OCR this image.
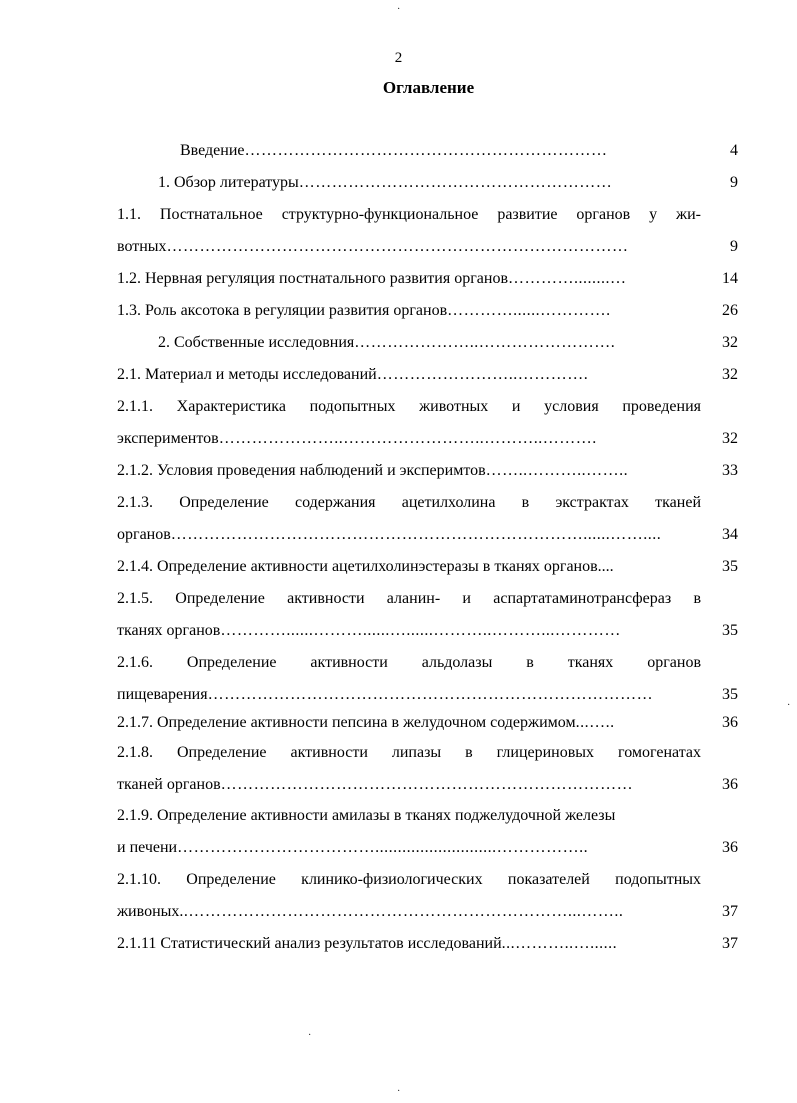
2
Оглавление
Введение…………………………………………………………	4
1. Обзор литературы…………………………………………………	9
1.1. Постнатальное структурно-функциональное развитие органов у жи-
вотных…………………………………………………………………………	9
1.2. Нервная регуляция постнатального развития органов…………........…	14
1.3. Роль аксотока в регуляции развития органов…………......………….	26
2. Собственные исследовния…………………..…………………….	32
2.1. Материал и методы исследований……………………..………….	32
2.1.1. Характеристика подопытных животных и условия проведения
экспериментов…………………..……………………..………..……….	32
2.1.2. Условия проведения наблюдений и эксперимтов……..………..……..	33
2.1.3. Определение содержания ацетилхолина в экстрактах тканей
органов…………………………………………………………………......……....	34
2.1.4. Определение активности ацетилхолинэстеразы в тканях органов....	35
2.1.5. Определение активности аланин- и аспартатаминотрансфераз в
тканях органов…………......………......…......………..………...…………	35
2.1.6. Определение активности альдолазы в тканях органов
пищеварения………………………………………………………………………	35
2.1.7. Определение активности пепсина в желудочном содержимом...…..	36
2.1.8. Определение активности липазы в глицериновых гомогенатах
тканей органов…………………………………………………………………	36
2.1.9. Определение активности амилазы в тканях поджелудочной железы
и печени………………………………...........................……………..	36
2.1.10. Определение клинико-физиологических показателей подопытных
живоных..……………………………………………………………...……..	37
2.1.11 Статистический анализ результатов исследований...………..…......	37
·
·
·
·
